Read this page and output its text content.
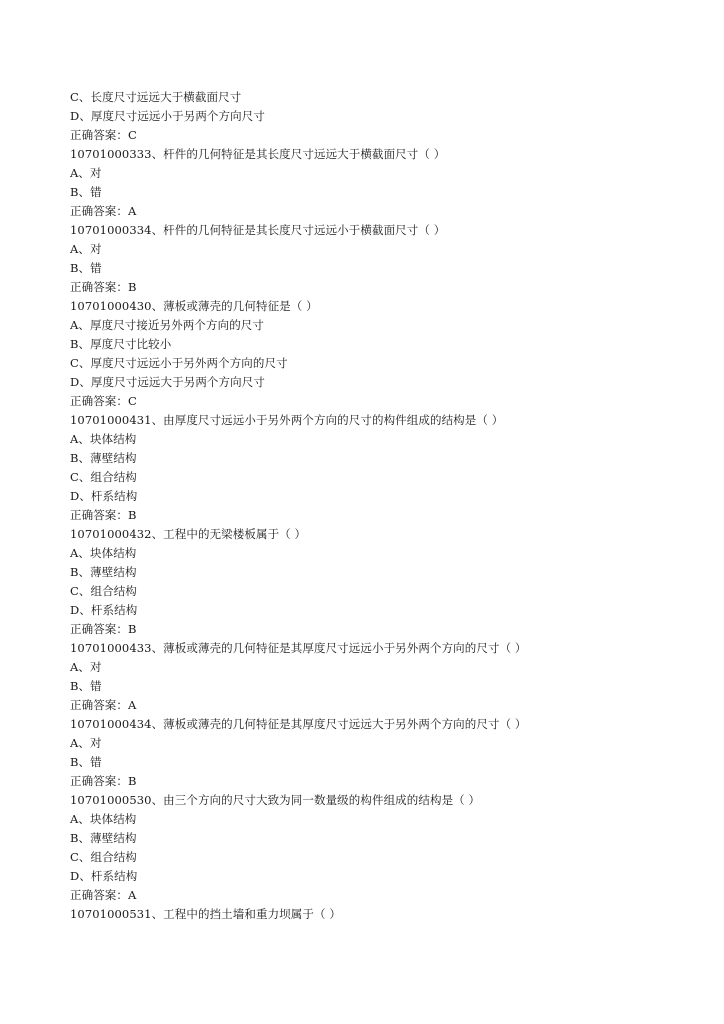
C、长度尺寸远远大于横截面尺寸
D、厚度尺寸远远小于另两个方向尺寸
正确答案：C
10701000333、杆件的几何特征是其长度尺寸远远大于横截面尺寸（ ）
A、对
B、错
正确答案：A
10701000334、杆件的几何特征是其长度尺寸远远小于横截面尺寸（ ）
A、对
B、错
正确答案：B
10701000430、薄板或薄壳的几何特征是（ ）
A、厚度尺寸接近另外两个方向的尺寸
B、厚度尺寸比较小
C、厚度尺寸远远小于另外两个方向的尺寸
D、厚度尺寸远远大于另两个方向尺寸
正确答案：C
10701000431、由厚度尺寸远远小于另外两个方向的尺寸的构件组成的结构是（ ）
A、块体结构
B、薄壁结构
C、组合结构
D、杆系结构
正确答案：B
10701000432、工程中的无梁楼板属于（ ）
A、块体结构
B、薄壁结构
C、组合结构
D、杆系结构
正确答案：B
10701000433、薄板或薄壳的几何特征是其厚度尺寸远远小于另外两个方向的尺寸（ ）
A、对
B、错
正确答案：A
10701000434、薄板或薄壳的几何特征是其厚度尺寸远远大于另外两个方向的尺寸（ ）
A、对
B、错
正确答案：B
10701000530、由三个方向的尺寸大致为同一数量级的构件组成的结构是（ ）
A、块体结构
B、薄壁结构
C、组合结构
D、杆系结构
正确答案：A
10701000531、工程中的挡土墙和重力坝属于（ ）
